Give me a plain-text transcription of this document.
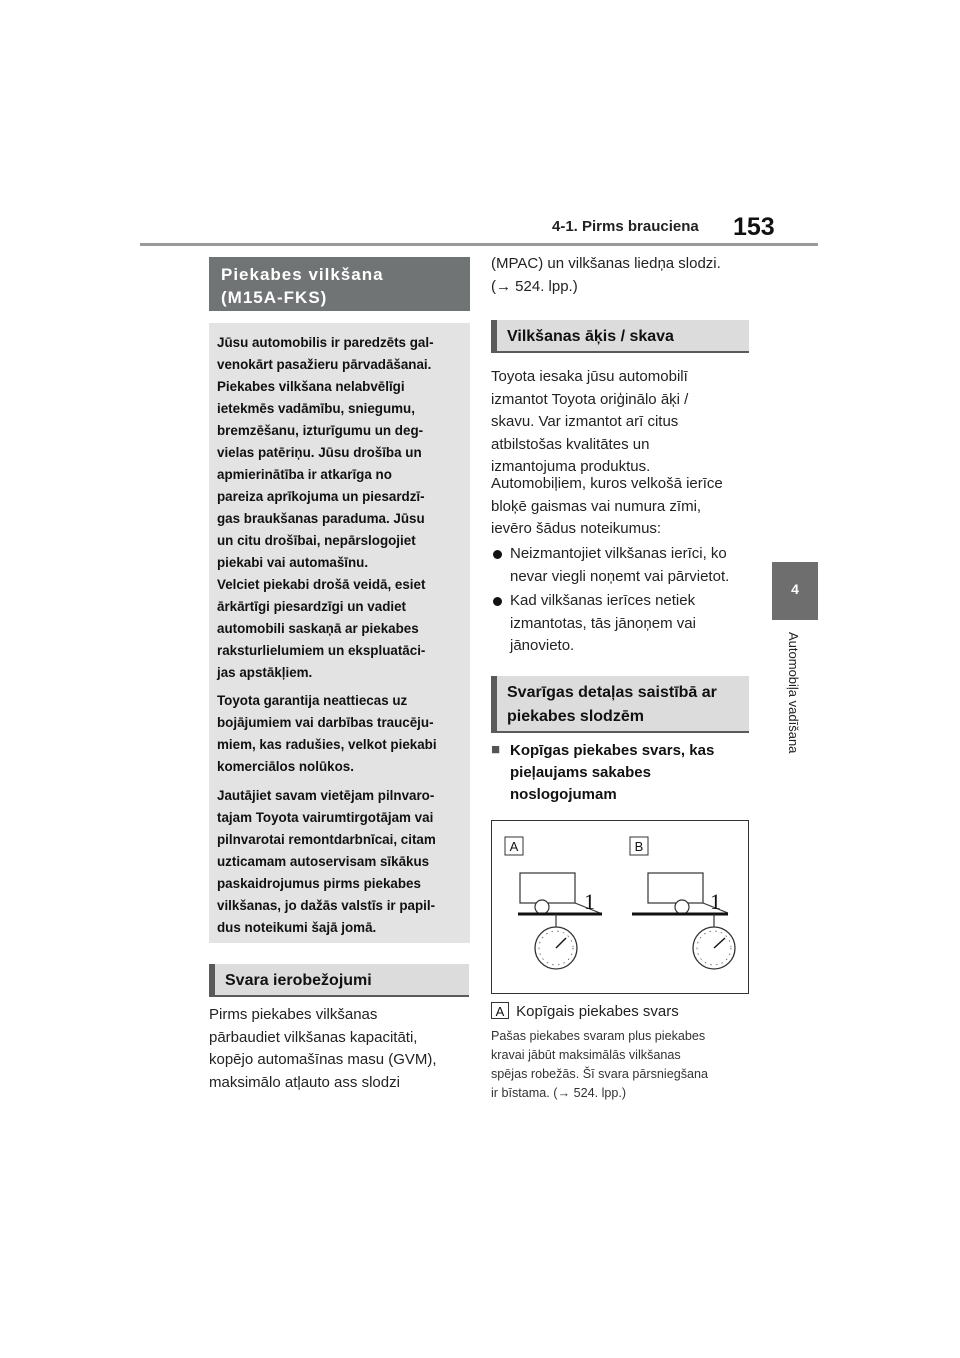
4-1. Pirms brauciena 153
4
Automobiļa vadīšana
Piekabes vilkšana
(M15A-FKS)
Jūsu automobilis ir paredzēts gal-
venokārt pasažieru pārvadāšanai.
Piekabes vilkšana nelabvēlīgi
ietekmēs vadāmību, sniegumu,
bremzēšanu, izturīgumu un deg-
vielas patēriņu. Jūsu drošība un
apmierinātība ir atkarīga no
pareiza aprīkojuma un piesardzī-
gas braukšanas paraduma. Jūsu
un citu drošībai, nepārslogojiet
piekabi vai automašīnu.
Velciet piekabi drošā veidā, esiet
ārkārtīgi piesardzīgi un vadiet
automobili saskaņā ar piekabes
raksturlielumiem un ekspluatāci-
jas apstākļiem.
Toyota garantija neattiecas uz
bojājumiem vai darbības traucēju-
miem, kas radušies, velkot piekabi
komerciālos nolūkos.
Jautājiet savam vietējam pilnvaro-
tajam Toyota vairumtirgotājam vai
pilnvarotai remontdarbnīcai, citam
uzticamam autoservisam sīkākus
paskaidrojumus pirms piekabes
vilkšanas, jo dažās valstīs ir papil-
dus noteikumi šajā jomā.
Svara ierobežojumi
Pirms piekabes vilkšanas
pārbaudiet vilkšanas kapacitāti,
kopējo automašīnas masu (GVM),
maksimālo atļauto ass slodzi
(MPAC) un vilkšanas liedņa slodzi.
(→ 524. lpp.)
Vilkšanas āķis / skava
Toyota iesaka jūsu automobilī
izmantot Toyota oriģinālo āķi /
skavu. Var izmantot arī citus
atbilstošas kvalitātes un
izmantojuma produktus.
Automobiļiem, kuros velkošā ierīce
bloķē gaismas vai numura zīmi,
ievēro šādus noteikumus:
Neizmantojiet vilkšanas ierīci, ko
nevar viegli noņemt vai pārvietot.
Kad vilkšanas ierīces netiek
izmantotas, tās jānoņem vai
jānovieto.
Svarīgas detaļas saistībā ar
piekabes slodzēm
■ Kopīgas piekabes svars, kas
pieļaujams sakabes
noslogojumam
A	B
1	1
A Kopīgais piekabes svars
Pašas piekabes svaram plus piekabes
kravai jābūt maksimālās vilkšanas
spējas robežās. Šī svara pārsniegšana
ir bīstama. (→ 524. lpp.)
